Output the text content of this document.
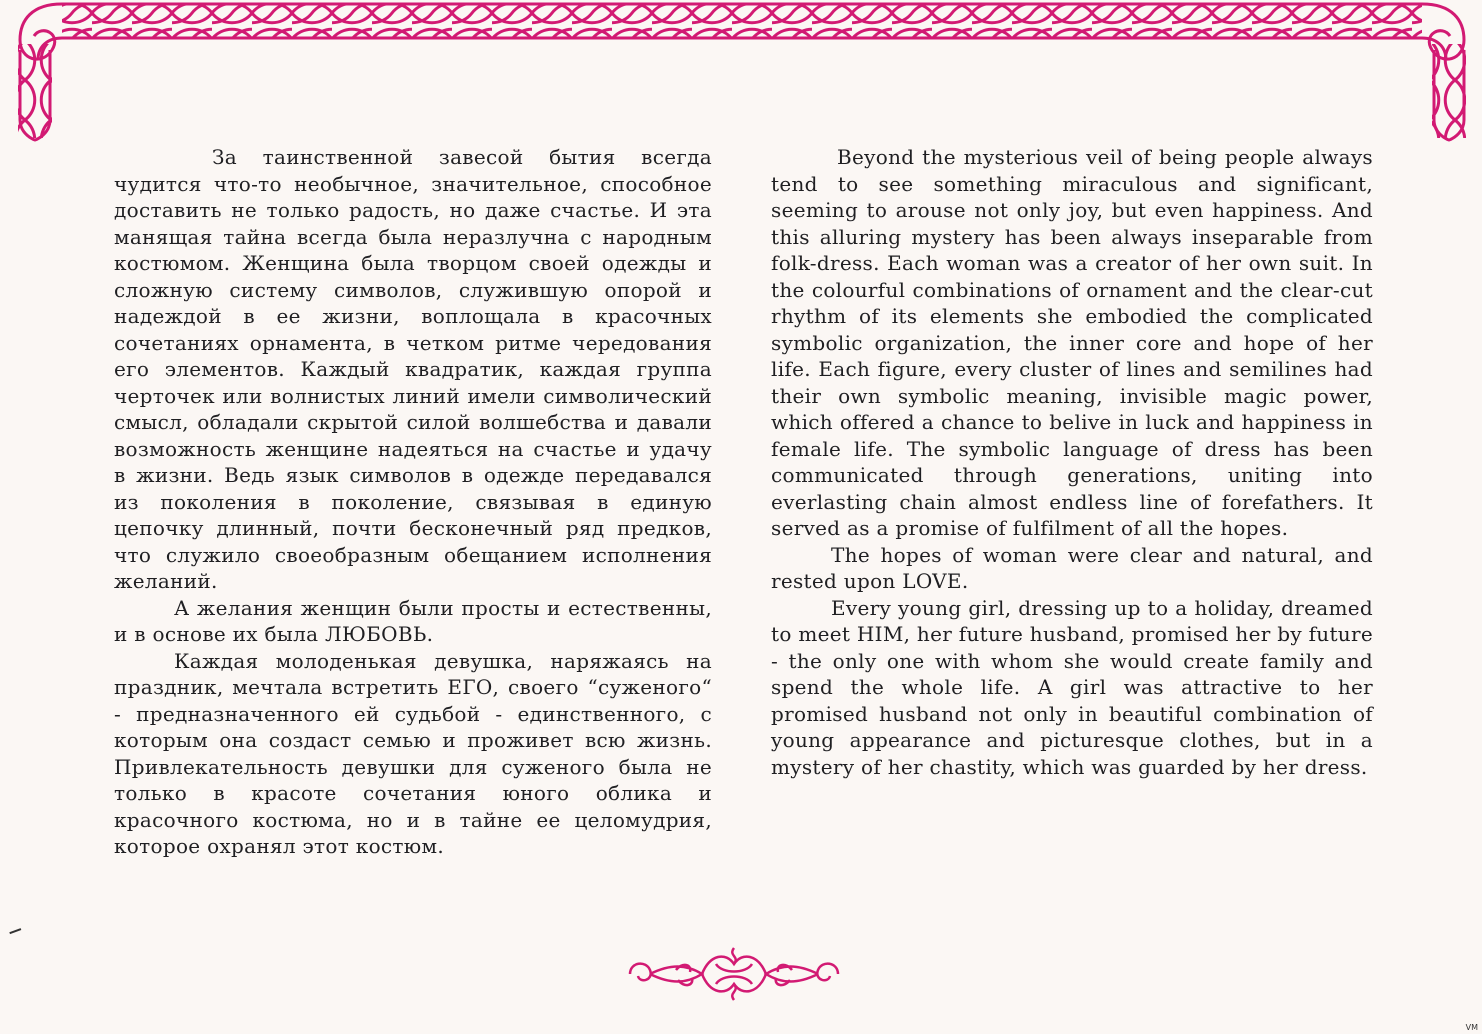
За таинственной завесой бытия всегда чудится что-то необычное, значительное, способное доставить не только радость, но даже счастье. И эта манящая тайна всегда была неразлучна с народным костюмом. Женщина была творцом своей одежды и сложную систему символов, служившую опорой и надеждой в ее жизни, воплощала в красочных сочетаниях орнамента, в четком ритме чередования его элементов. Каждый квадратик, каждая группа черточек или волнистых линий имели символический смысл, обладали скрытой силой волшебства и давали возможность женщине надеяться на счастье и удачу в жизни. Ведь язык символов в одежде передавался из поколения в поколение, связывая в единую цепочку длинный, почти бесконечный ряд предков, что служило своеобразным обещанием исполнения желаний.

А желания женщин были просты и естественны, и в основе их была ЛЮБОВЬ.

Каждая молоденькая девушка, наряжаясь на праздник, мечтала встретить ЕГО, своего “суженого“ - предназначенного ей судьбой - единственного, с которым она создаст семью и проживет всю жизнь. Привлекательность девушки для суженого была не только в красоте сочетания юного облика и красочного костюма, но и в тайне ее целомудрия, которое охранял этот костюм.

Beyond the mysterious veil of being people always tend to see something miraculous and significant, seeming to arouse not only joy, but even happiness. And this alluring mystery has been always inseparable from folk-dress. Each woman was a creator of her own suit. In the colourful combinations of ornament and the clear-cut rhythm of its elements she embodied the complicated symbolic organization, the inner core and hope of her life. Each figure, every cluster of lines and semilines had their own symbolic meaning, invisible magic power, which offered a chance to belive in luck and happiness in female life. The symbolic language of dress has been communicated through generations, uniting into everlasting chain almost endless line of forefathers. It served as a promise of fulfilment of all the hopes.

The hopes of woman were clear and natural, and rested upon LOVE.

Every young girl, dressing up to a holiday, dreamed to meet HIM, her future husband, promised her by future - the only one with whom she would create family and spend the whole life. A girl was attractive to her promised husband not only in beautiful combination of young appearance and picturesque clothes, but in a mystery of her chastity, which was guarded by her dress.

VM
